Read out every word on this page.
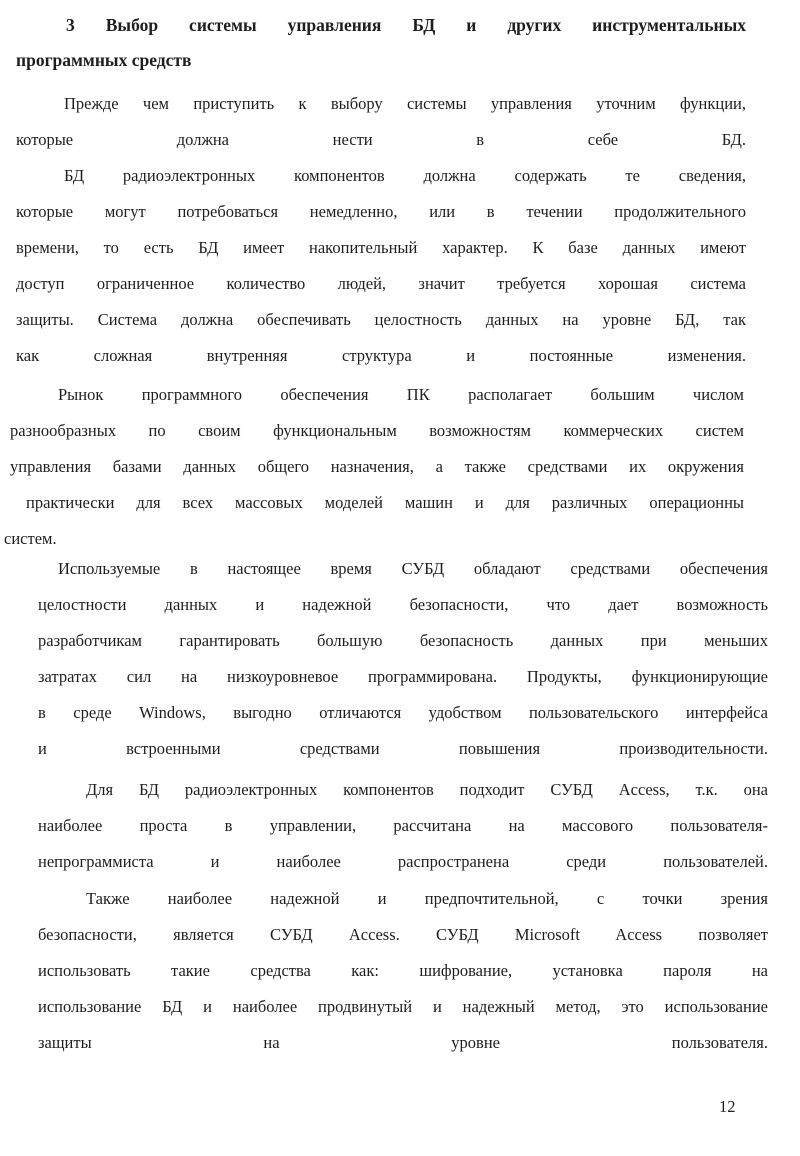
3 Выбор системы управления БД и других инструментальных
программных средств
Прежде чем приступить к выбору системы управления уточним функции,
которые должна нести в себе БД.
БД радиоэлектронных компонентов должна содержать те сведения,
которые могут потребоваться немедленно, или в течении продолжительного
времени, то есть БД имеет накопительный характер. К базе данных имеют
доступ ограниченное количество людей, значит требуется хорошая система
защиты. Система должна обеспечивать целостность данных на уровне БД, так
как сложная внутренняя структура и постоянные изменения.
Рынок программного обеспечения ПК располагает большим числом
разнообразных по своим функциональным возможностям коммерческих систем
управления базами данных общего назначения, а также средствами их окружения
практически для всех массовых моделей машин и для различных операционны
систем.
Используемые в настоящее время СУБД обладают средствами обеспечения
целостности данных и надежной безопасности, что дает возможность
разработчикам гарантировать большую безопасность данных при меньших
затратах сил на низкоуровневое программирована. Продукты, функционирующие
в среде Windows, выгодно отличаются удобством пользовательского интерфейса
и встроенными средствами повышения производительности.
Для БД радиоэлектронных компонентов подходит СУБД Access, т.к. она
наиболее проста в управлении, рассчитана на массового пользователя-
непрограммиста и наиболее распространена среди пользователей.
Также наиболее надежной и предпочтительной, с точки зрения
безопасности, является СУБД Access. СУБД Microsoft Access позволяет
использовать такие средства как: шифрование, установка пароля на
использование БД и наиболее продвинутый и надежный метод, это использование
защиты на уровне пользователя.
12
